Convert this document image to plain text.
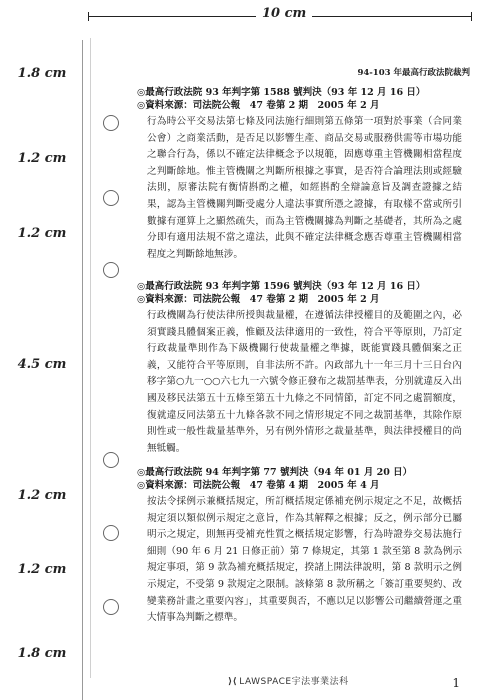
10 cm
1.8 cm
1.2 cm
1.2 cm
4.5 cm
1.2 cm
1.2 cm
1.8 cm
94-103 年最高行政法院裁判
◎最高行政法院 93 年判字第 1588 號判決（93 年 12 月 16 日）
◎資料來源：司法院公報　47 卷第 2 期　2005 年 2 月
行為時公平交易法第七條及同法施行細則第五條第一項對於事業（合同業公會）之商業活動，是否足以影響生產、商品交易或服務供需等市場功能之聯合行為，係以不確定法律概念予以規範，固應尊重主管機關相當程度之判斷餘地。惟主管機關之判斷所根據之事實，是否符合論理法則或經驗法則，原審法院有衡情斟酌之權，如經斟酌全辯論意旨及調查證據之結果，認為主管機關判斷受處分人違法事實所憑之證據，有取樣不當或所引數據有運算上之顯然疏失，而為主管機關據為判斷之基礎者，其所為之處分即有適用法規不當之違法，此與不確定法律概念應否尊重主管機關相當程度之判斷餘地無涉。
◎最高行政法院 93 年判字第 1596 號判決（93 年 12 月 16 日）
◎資料來源：司法院公報　47 卷第 2 期　2005 年 2 月
行政機關為行使法律所授與裁量權，在遵循法律授權目的及範圍之內，必須實踐具體個案正義，惟顧及法律適用的一致性，符合平等原則，乃訂定行政裁量準則作為下級機關行使裁量權之準據，既能實踐具體個案之正義，又能符合平等原則，自非法所不許。內政部九十一年三月十三日台內移字第○九一○○六七九一六號令修正發布之裁罰基準表，分別就違反入出國及移民法第五十五條至第五十九條之不同情節，訂定不同之處罰額度，復就違反同法第五十九條各款不同之情形規定不同之裁罰基準，其除作原則性或一般性裁量基準外，另有例外情形之裁量基準，與法律授權目的尚無牴觸。
◎最高行政法院 94 年判字第 77 號判決（94 年 01 月 20 日）
◎資料來源：司法院公報　47 卷第 4 期　2005 年 4 月
按法令採例示兼概括規定，所訂概括規定係補充例示規定之不足，故概括規定須以類似例示規定之意旨，作為其解釋之根據；反之，例示部分已屬明示之規定，則無再受補充性質之概括規定影響，行為時證券交易法施行細則（90 年 6 月 21 日修正前）第 7 條規定，其第 1 款至第 8 款為例示規定事項，第 9 款為補充概括規定，揆諸上開法律說明，第 8 款明示之例示規定，不受第 9 款規定之限制。該條第 8 款所稱之「簽訂重要契約、改變業務計畫之重要內容」，其重要與否，不應以足以影響公司繼續營運之重大情事為判斷之標準。
⟩⟨ LAWSPACE宇法事業法科	1
